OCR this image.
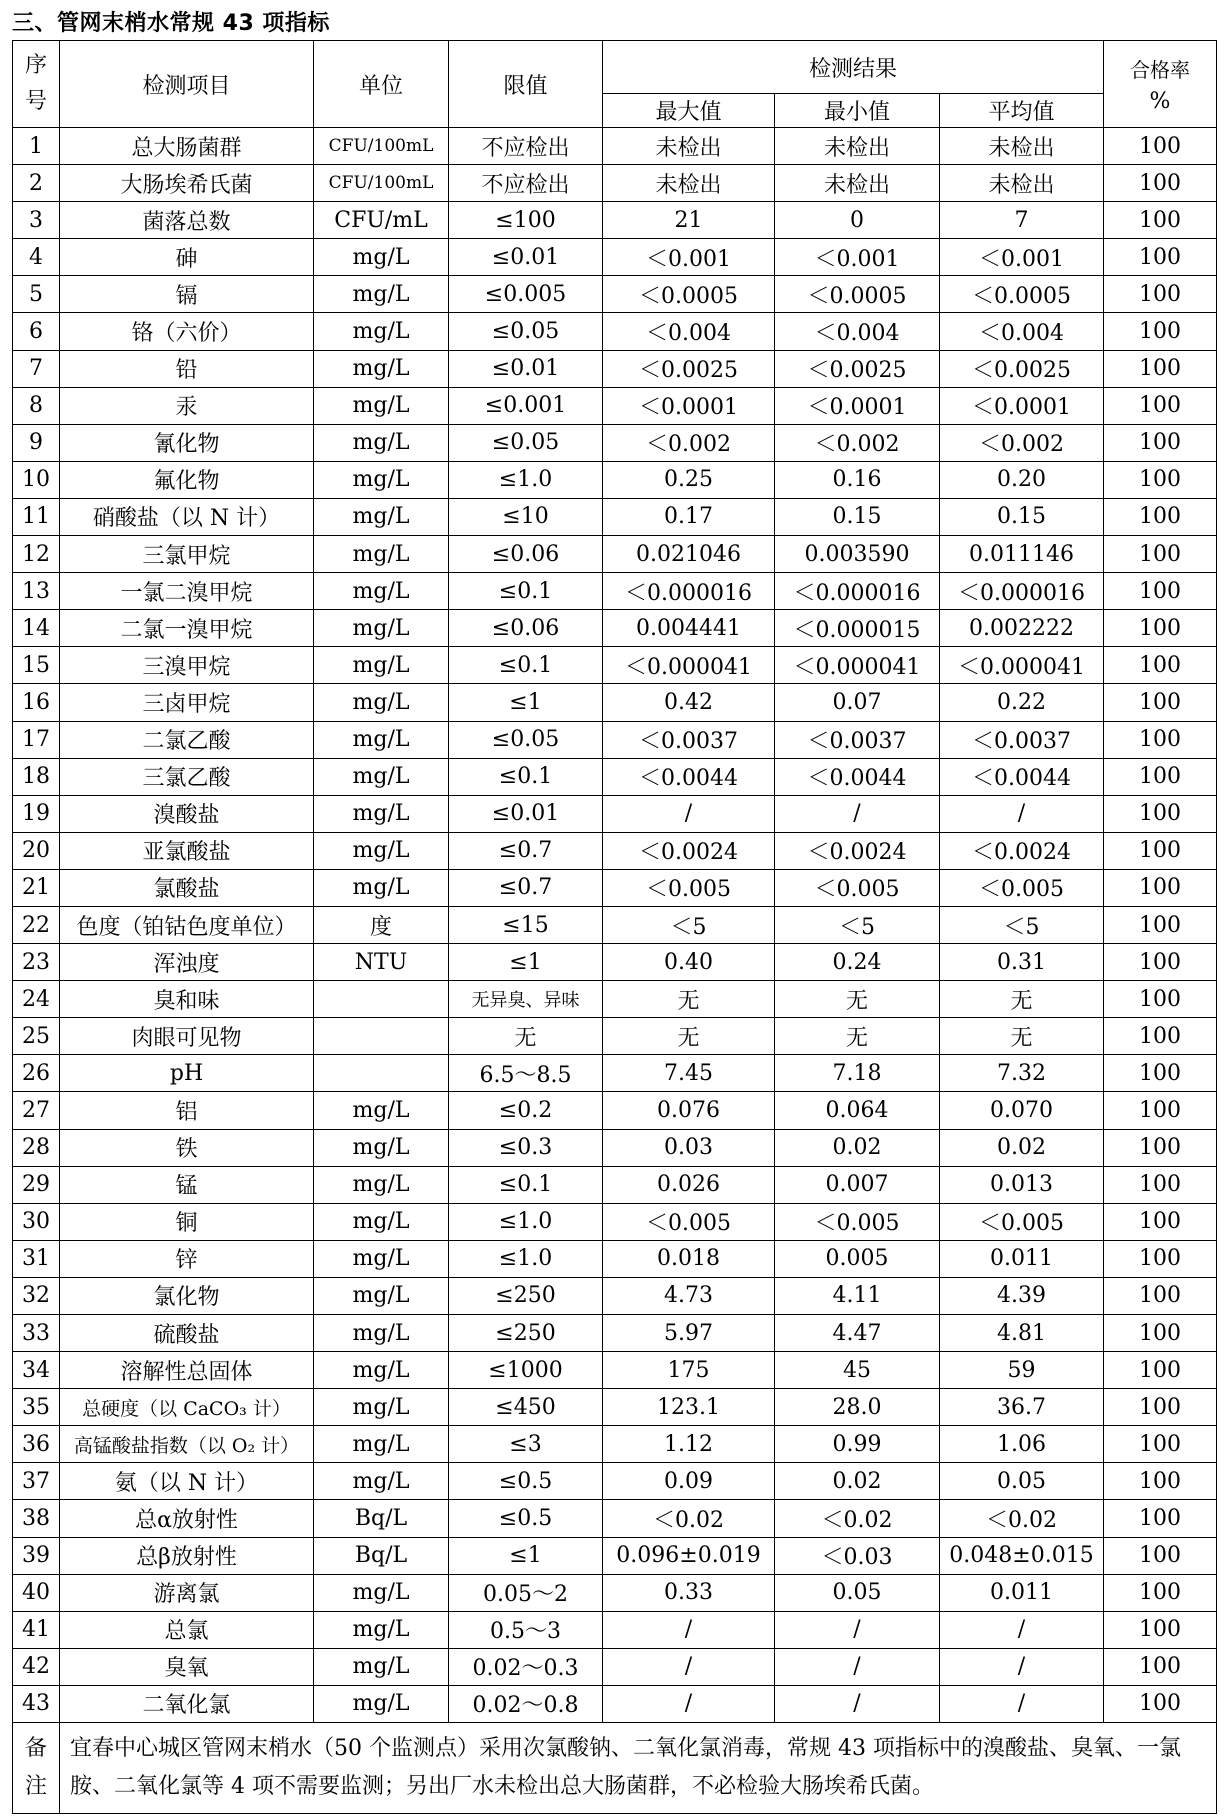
三、管网末梢水常规 43 项指标
序号	检测项目	单位	限值	检测结果			合格率
%

				最大值	最小值	平均值	
1	总大肠菌群	CFU/100mL	不应检出	未检出	未检出	未检出	100
2	大肠埃希氏菌	CFU/100mL	不应检出	未检出	未检出	未检出	100
3	菌落总数	CFU/mL	≤100	21	0	7	100
4	砷	mg/L	≤0.01	＜0.001	＜0.001	＜0.001	100
5	镉	mg/L	≤0.005	＜0.0005	＜0.0005	＜0.0005	100
6	铬（六价）	mg/L	≤0.05	＜0.004	＜0.004	＜0.004	100
7	铅	mg/L	≤0.01	＜0.0025	＜0.0025	＜0.0025	100
8	汞	mg/L	≤0.001	＜0.0001	＜0.0001	＜0.0001	100
9	氰化物	mg/L	≤0.05	＜0.002	＜0.002	＜0.002	100
10	氟化物	mg/L	≤1.0	0.25	0.16	0.20	100
11	硝酸盐（以 N 计）	mg/L	≤10	0.17	0.15	0.15	100
12	三氯甲烷	mg/L	≤0.06	0.021046	0.003590	0.011146	100
13	一氯二溴甲烷	mg/L	≤0.1	＜0.000016	＜0.000016	＜0.000016	100
14	二氯一溴甲烷	mg/L	≤0.06	0.004441	＜0.000015	0.002222	100
15	三溴甲烷	mg/L	≤0.1	＜0.000041	＜0.000041	＜0.000041	100
16	三卤甲烷	mg/L	≤1	0.42	0.07	0.22	100
17	二氯乙酸	mg/L	≤0.05	＜0.0037	＜0.0037	＜0.0037	100
18	三氯乙酸	mg/L	≤0.1	＜0.0044	＜0.0044	＜0.0044	100
19	溴酸盐	mg/L	≤0.01	/	/	/	100
20	亚氯酸盐	mg/L	≤0.7	＜0.0024	＜0.0024	＜0.0024	100
21	氯酸盐	mg/L	≤0.7	＜0.005	＜0.005	＜0.005	100
22	色度（铂钴色度单位）	度	≤15	＜5	＜5	＜5	100
23	浑浊度	NTU	≤1	0.40	0.24	0.31	100
24	臭和味		无异臭、异味	无	无	无	100
25	肉眼可见物		无	无	无	无	100
26	pH		6.5～8.5	7.45	7.18	7.32	100
27	铝	mg/L	≤0.2	0.076	0.064	0.070	100
28	铁	mg/L	≤0.3	0.03	0.02	0.02	100
29	锰	mg/L	≤0.1	0.026	0.007	0.013	100
30	铜	mg/L	≤1.0	＜0.005	＜0.005	＜0.005	100
31	锌	mg/L	≤1.0	0.018	0.005	0.011	100
32	氯化物	mg/L	≤250	4.73	4.11	4.39	100
33	硫酸盐	mg/L	≤250	5.97	4.47	4.81	100
34	溶解性总固体	mg/L	≤1000	175	45	59	100
35	总硬度（以 CaCO₃ 计）	mg/L	≤450	123.1	28.0	36.7	100
36	高锰酸盐指数（以 O₂ 计）	mg/L	≤3	1.12	0.99	1.06	100
37	氨（以 N 计）	mg/L	≤0.5	0.09	0.02	0.05	100
38	总α放射性	Bq/L	≤0.5	＜0.02	＜0.02	＜0.02	100
39	总β放射性	Bq/L	≤1	0.096±0.019	＜0.03	0.048±0.015	100
40	游离氯	mg/L	0.05～2	0.33	0.05	0.011	100
41	总氯	mg/L	0.5～3	/	/	/	100
42	臭氧	mg/L	0.02～0.3	/	/	/	100
43	二氧化氯	mg/L	0.02～0.8	/	/	/	100

备注	宜春中心城区管网末梢水（50 个监测点）采用次氯酸钠、二氧化氯消毒，常规 43 项指标中的溴酸盐、臭氧、一氯胺、二氧化氯等 4 项不需要监测；另出厂水未检出总大肠菌群，不必检验大肠埃希氏菌。						
